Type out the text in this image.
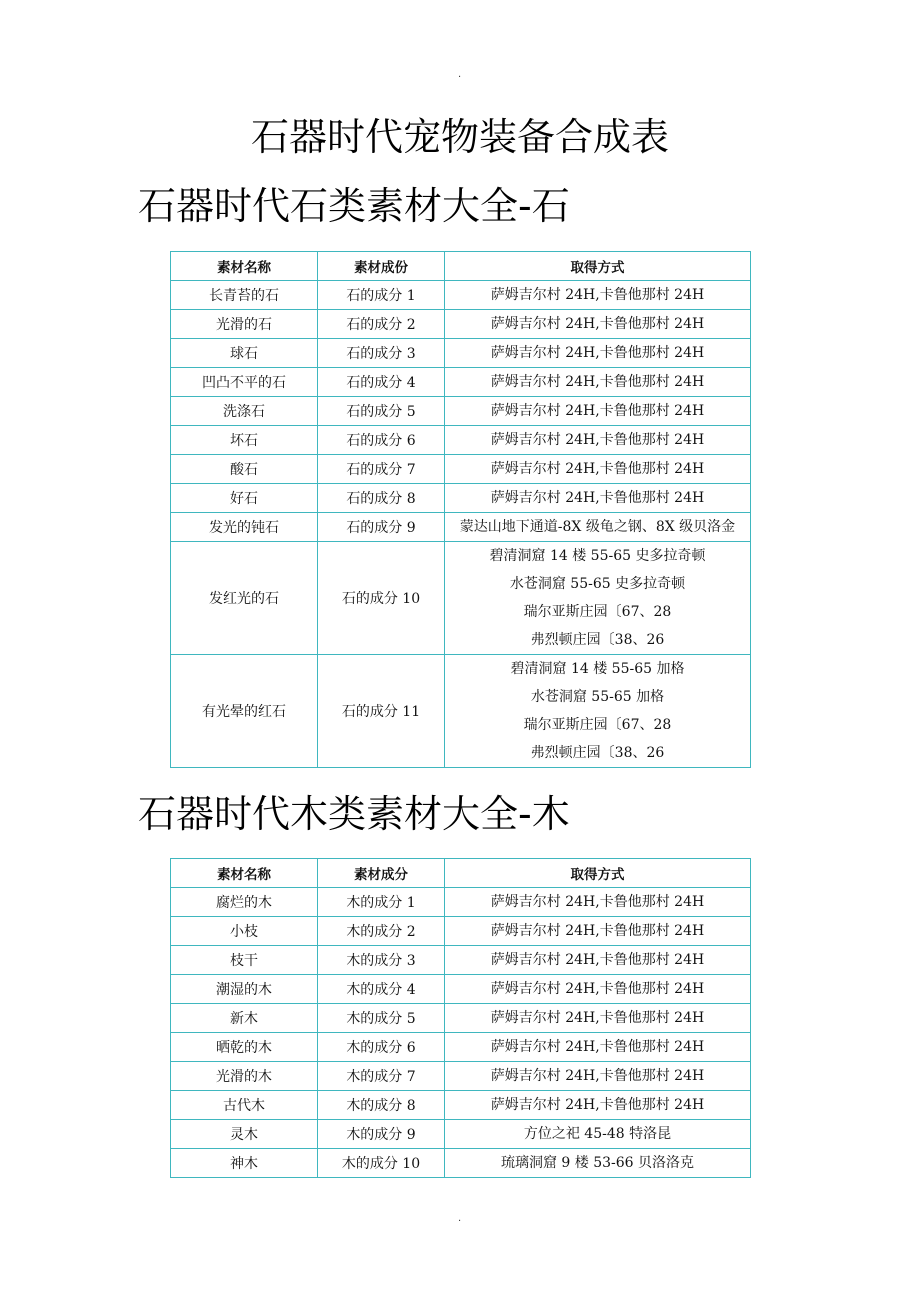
.
石器时代宠物装备合成表
石器时代石类素材大全-石
素材名称	素材成份	取得方式
长青苔的石	石的成分 1	萨姆吉尔村 24H,卡鲁他那村 24H

光滑的石	石的成分 2	萨姆吉尔村 24H,卡鲁他那村 24H

球石	石的成分 3	萨姆吉尔村 24H,卡鲁他那村 24H

凹凸不平的石	石的成分 4	萨姆吉尔村 24H,卡鲁他那村 24H

洗涤石	石的成分 5	萨姆吉尔村 24H,卡鲁他那村 24H

坏石	石的成分 6	萨姆吉尔村 24H,卡鲁他那村 24H

酸石	石的成分 7	萨姆吉尔村 24H,卡鲁他那村 24H

好石	石的成分 8	萨姆吉尔村 24H,卡鲁他那村 24H

发光的钝石	石的成分 9	蒙达山地下通道-8X 级龟之钢、8X 级贝洛金

发红光的石	石的成分 10	碧清洞窟 14 楼 55-65 史多拉奇顿
水苍洞窟 55-65 史多拉奇顿
瑞尔亚斯庄园〔67、28
弗烈顿庄园〔38、26

有光晕的红石	石的成分 11	碧清洞窟 14 楼 55-65 加格
水苍洞窟 55-65 加格
瑞尔亚斯庄园〔67、28
弗烈顿庄园〔38、26
石器时代木类素材大全-木
素材名称	素材成分	取得方式
腐烂的木	木的成分 1	萨姆吉尔村 24H,卡鲁他那村 24H

小枝	木的成分 2	萨姆吉尔村 24H,卡鲁他那村 24H

枝干	木的成分 3	萨姆吉尔村 24H,卡鲁他那村 24H

潮湿的木	木的成分 4	萨姆吉尔村 24H,卡鲁他那村 24H

新木	木的成分 5	萨姆吉尔村 24H,卡鲁他那村 24H

晒乾的木	木的成分 6	萨姆吉尔村 24H,卡鲁他那村 24H

光滑的木	木的成分 7	萨姆吉尔村 24H,卡鲁他那村 24H

古代木	木的成分 8	萨姆吉尔村 24H,卡鲁他那村 24H

灵木	木的成分 9	方位之祀 45-48 特洛昆

神木	木的成分 10	琉璃洞窟 9 楼 53-66 贝洛洛克
.
